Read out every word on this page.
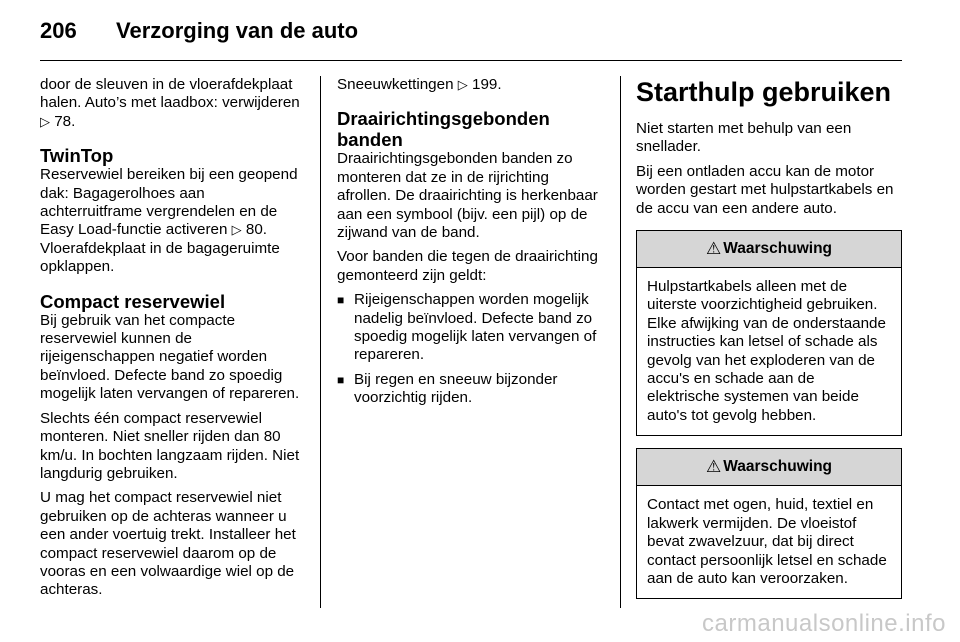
206	Verzorging van de auto

door de sleuven in de vloerafdekplaat halen. Auto’s met laadbox: verwijderen ▷ 78.

TwinTop

Reservewiel bereiken bij een geopend dak: Bagagerolhoes aan achterruitframe vergrendelen en de Easy Load-functie activeren ▷ 80. Vloerafdekplaat in de bagageruimte opklappen.

Compact reservewiel

Bij gebruik van het compacte reservewiel kunnen de rijeigenschappen negatief worden beïnvloed. Defecte band zo spoedig mogelijk laten vervangen of repareren.

Slechts één compact reservewiel monteren. Niet sneller rijden dan 80 km/u. In bochten langzaam rijden. Niet langdurig gebruiken.

U mag het compact reservewiel niet gebruiken op de achteras wanneer u een ander voertuig trekt. Installeer het compact reservewiel daarom op de vooras en een volwaardige wiel op de achteras.

Sneeuwkettingen ▷ 199.

Draairichtingsgebonden banden

Draairichtingsgebonden banden zo monteren dat ze in de rijrichting afrollen. De draairichting is herkenbaar aan een symbool (bijv. een pijl) op de zijwand van de band.

Voor banden die tegen de draairichting gemonteerd zijn geldt:

■ Rijeigenschappen worden mogelijk nadelig beïnvloed. Defecte band zo spoedig mogelijk laten vervangen of repareren.
■ Bij regen en sneeuw bijzonder voorzichtig rijden.
Starthulp gebruiken

Niet starten met behulp van een snellader.

Bij een ontladen accu kan de motor worden gestart met hulpstartkabels en de accu van een andere auto.

⚠ Waarschuwing

Hulpstartkabels alleen met de uiterste voorzichtigheid gebruiken. Elke afwijking van de onderstaande instructies kan letsel of schade als gevolg van het exploderen van de accu's en schade aan de elektrische systemen van beide auto's tot gevolg hebben.

⚠ Waarschuwing

Contact met ogen, huid, textiel en lakwerk vermijden. De vloeistof bevat zwavelzuur, dat bij direct contact persoonlijk letsel en schade aan de auto kan veroorzaken.

carmanualsonline.info
